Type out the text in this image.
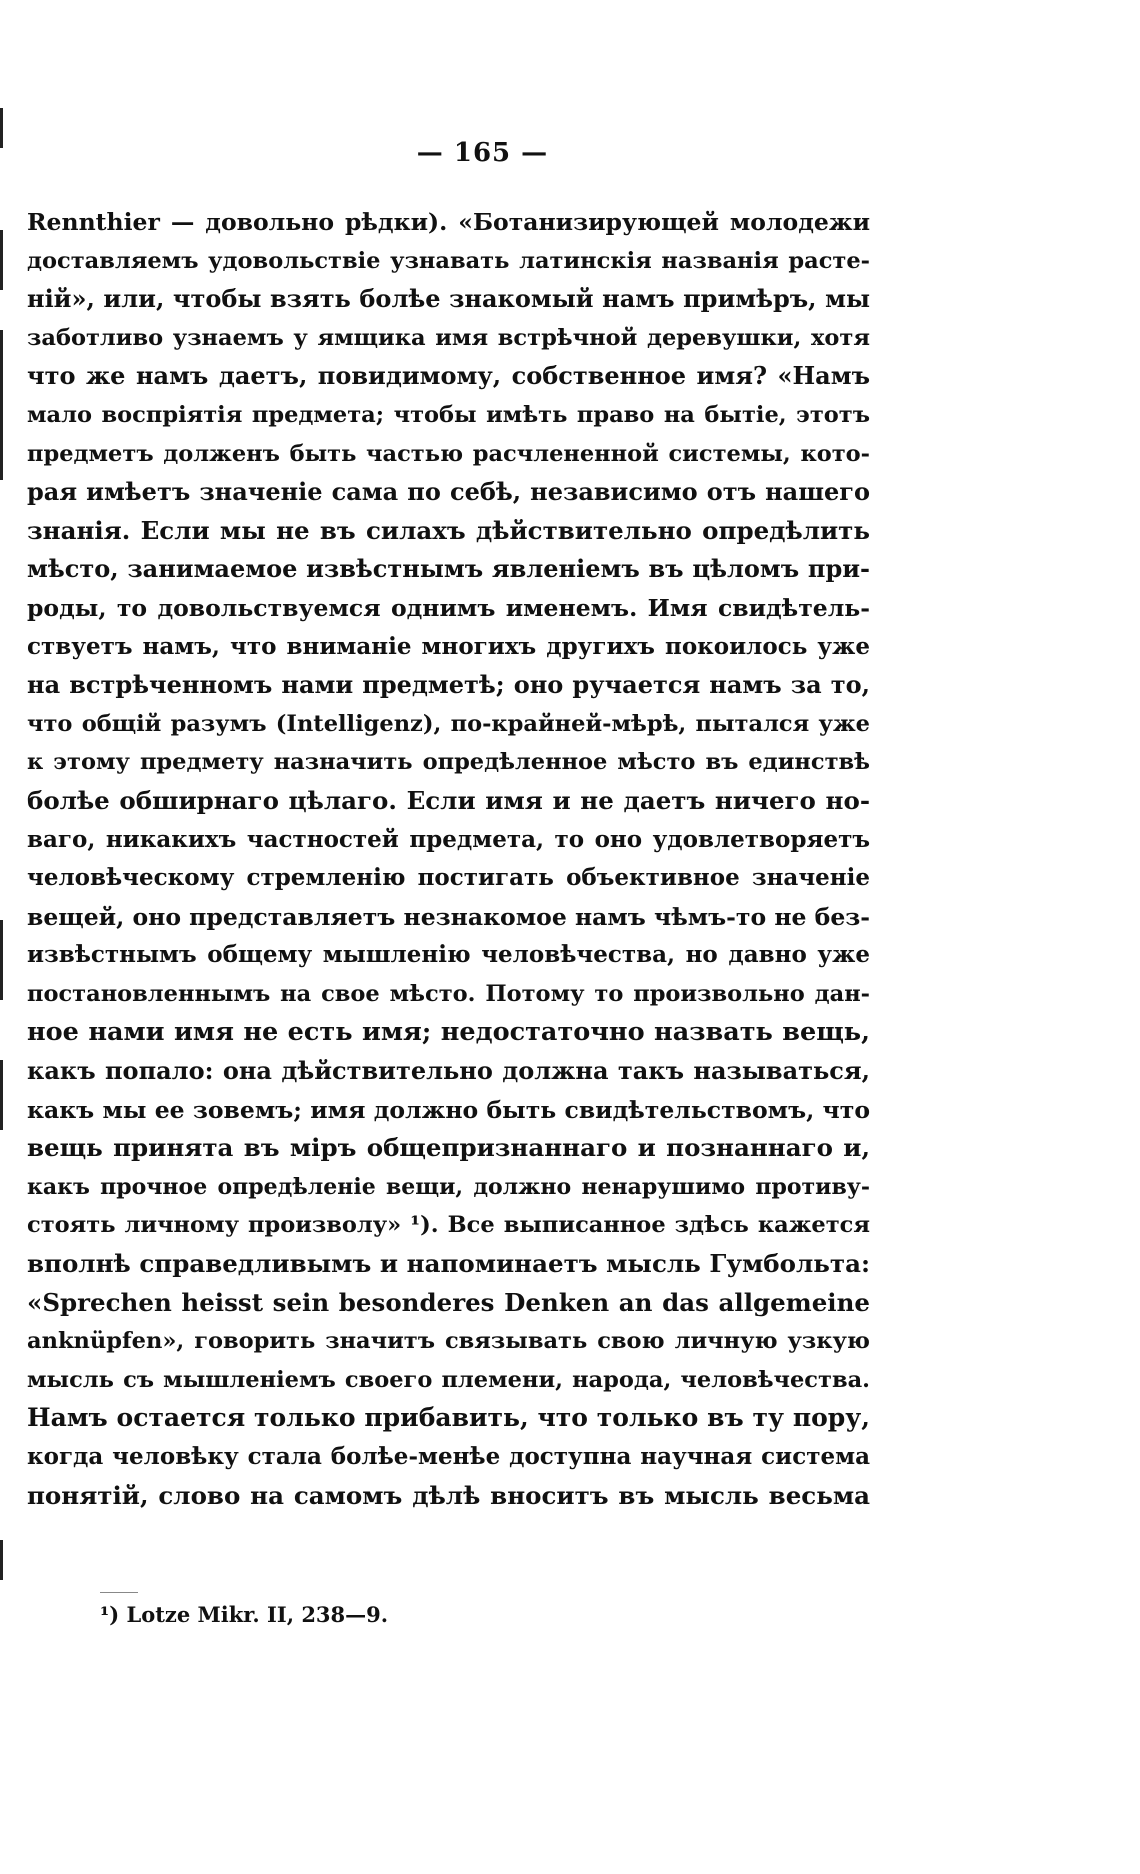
— 165 —
Rennthier — довольно рѣдки). «Ботанизирующей молодежи
доставляемъ удовольствіе узнавать латинскія названія расте-
ній», или, чтобы взять болѣе знакомый намъ примѣръ, мы
заботливо узнаемъ у ямщика имя встрѣчной деревушки, хотя
что же намъ даетъ, повидимому, собственное имя? «Намъ
мало воспріятія предмета; чтобы имѣть право на бытіе, этотъ
предметъ долженъ быть частью расчлененной системы, кото-
рая имѣетъ значеніе сама по себѣ, независимо отъ нашего
знанія. Если мы не въ силахъ дѣйствительно опредѣлить
мѣсто, занимаемое извѣстнымъ явленіемъ въ цѣломъ при-
роды, то довольствуемся однимъ именемъ. Имя свидѣтель-
ствуетъ намъ, что вниманіе многихъ другихъ покоилось уже
на встрѣченномъ нами предметѣ; оно ручается намъ за то,
что общій разумъ (Intelligenz), по-крайней-мѣрѣ, пытался уже
к этому предмету назначить опредѣленное мѣсто въ единствѣ
болѣе обширнаго цѣлаго. Если имя и не даетъ ничего но-
ваго, никакихъ частностей предмета, то оно удовлетворяетъ
человѣческому стремленію постигать объективное значеніе
вещей, оно представляетъ незнакомое намъ чѣмъ-то не без-
извѣстнымъ общему мышленію человѣчества, но давно уже
постановленнымъ на свое мѣсто. Потому то произвольно дан-
ное нами имя не есть имя; недостаточно назвать вещь,
какъ попало: она дѣйствительно должна такъ называться,
какъ мы ее зовемъ; имя должно быть свидѣтельствомъ, что
вещь принята въ міръ общепризнаннаго и познаннаго и,
какъ прочное опредѣленіе вещи, должно ненарушимо противу-
стоять личному произволу» ¹). Все выписанное здѣсь кажется
вполнѣ справедливымъ и напоминаетъ мысль Гумбольта:
«Sprechen heisst sein besonderes Denken an das allgemeine
anknüpfen», говорить значитъ связывать свою личную узкую
мысль съ мышленіемъ своего племени, народа, человѣчества.
Намъ остается только прибавить, что только въ ту пору,
когда человѣку стала болѣе-менѣе доступна научная система
понятій, слово на самомъ дѣлѣ вноситъ въ мысль весьма
¹) Lotze Mikr. II, 238—9.
